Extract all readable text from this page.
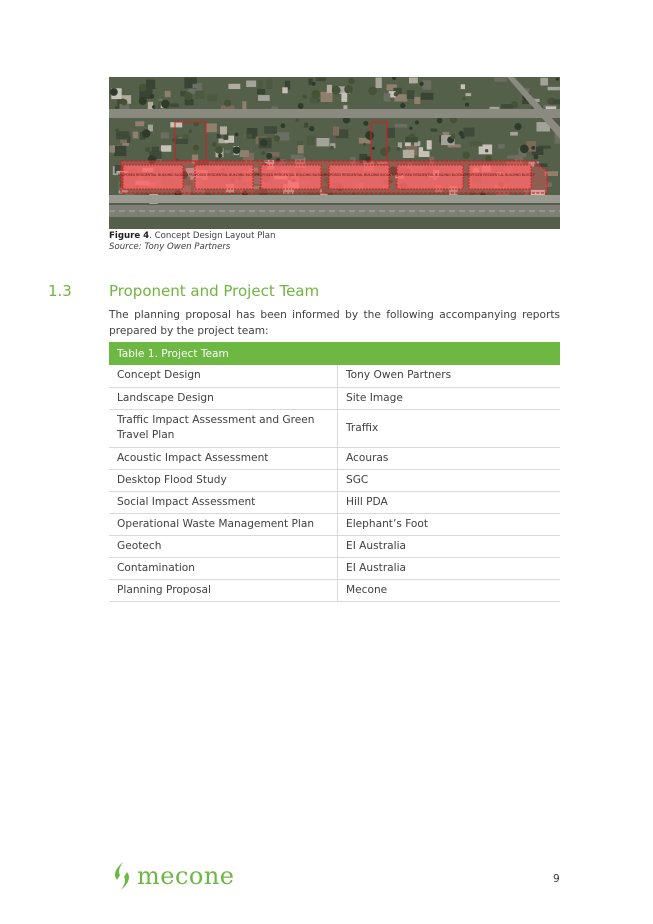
PROPOSED RESIDENTIAL BUILDING BLOCK A PROPOSED RESIDENTIAL BUILDING BLOCK B
PROPOSED RESIDENTIAL BUILDING BLOCK C
PROPOSED RESIDENTIAL BUILDING BLOCK D PROPOSED RESIDENTIAL BUILDING BLOCK E PROPOSED RESIDENTIAL BUILDING BLOCK F
Figure 4. Concept Design Layout Plan
Source: Tony Owen Partners
1.3 Proponent and Project Team
The planning proposal has been informed by the following accompanying reports prepared by the project team:
Table 1. Project Team	
Concept Design	Tony Owen Partners
Landscape Design	Site Image
Traffic Impact Assessment and Green Travel Plan	Traffix
Acoustic Impact Assessment	Acouras
Desktop Flood Study	SGC
Social Impact Assessment	Hill PDA
Operational Waste Management Plan	Elephant’s Foot
Geotech	EI Australia
Contamination	EI Australia
Planning Proposal	Mecone
mecone	9
